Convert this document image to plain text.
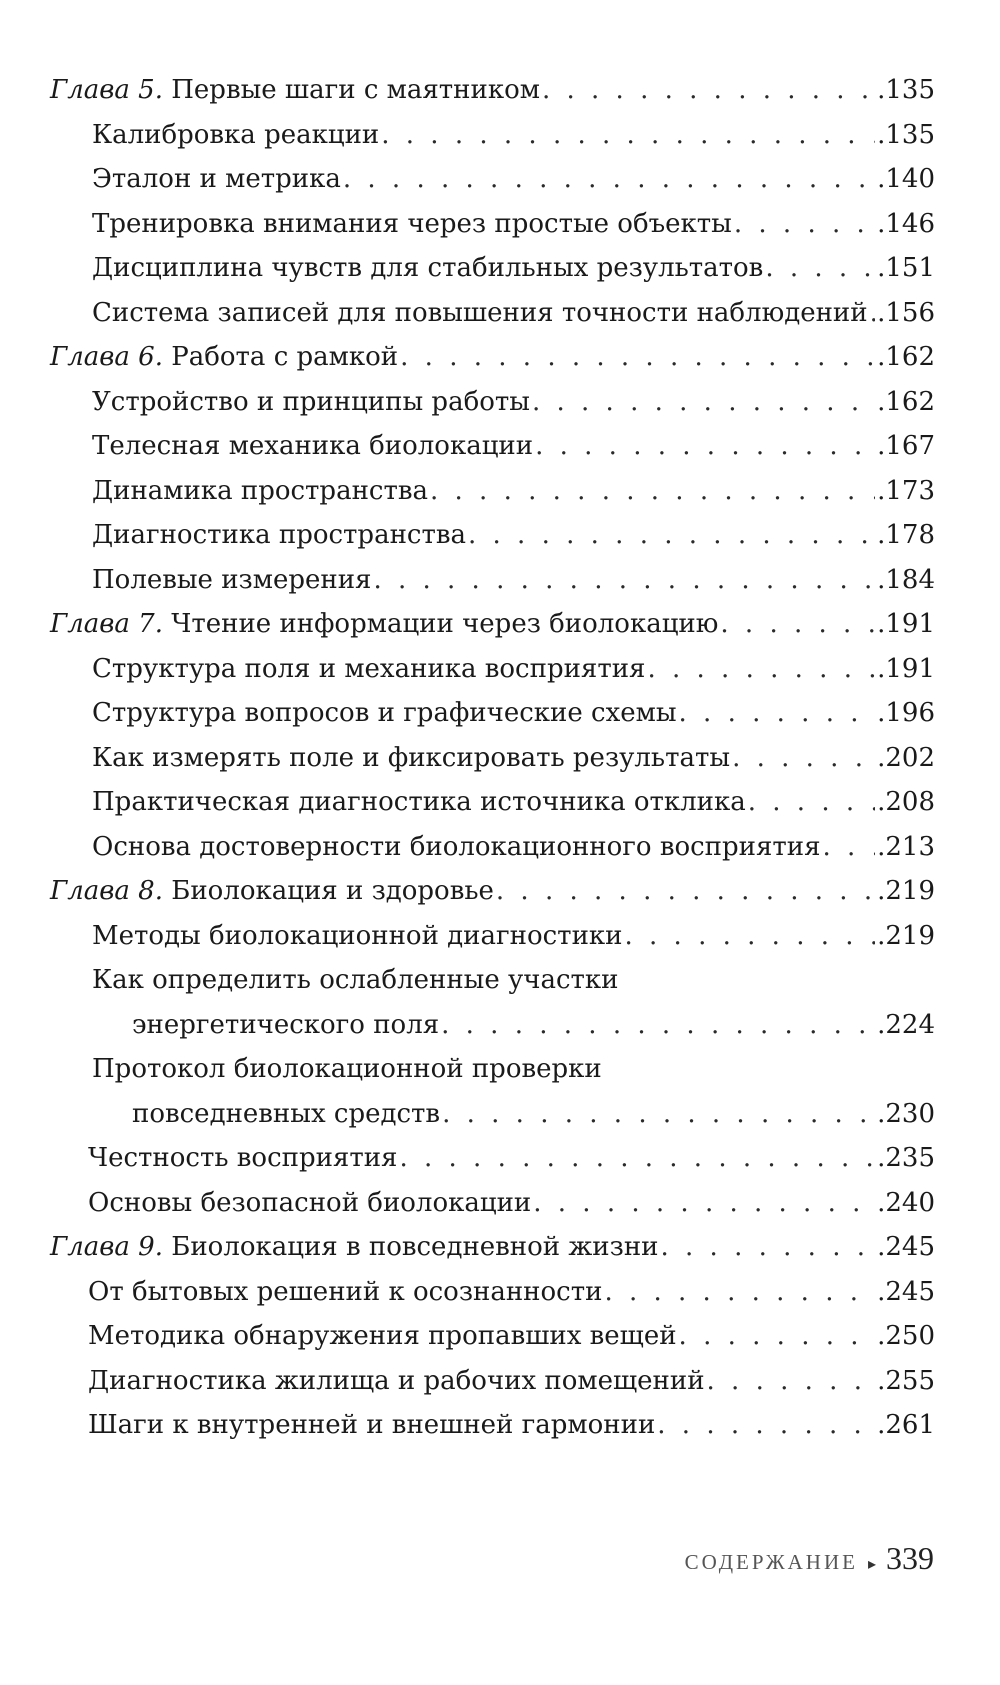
Глава 5. Первые шаги с маятником . . .	. 135
Калибровка реакции . . .	. 135
Эталон и метрика . . .	. 140
Тренировка внимания через простые объекты . . .	. 146
Дисциплина чувств для стабильных результатов . . .	. 151
Система записей для повышения точности наблюдений . . . . 156
Глава 6. Работа с рамкой . . .	. 162
Устройство и принципы работы . . .	. 162
Телесная механика биолокации . . .	. 167
Динамика пространства . . .	. 173
Диагностика пространства . . .	. 178
Полевые измерения . . .	. 184
Глава 7. Чтение информации через биолокацию . . .	. 191
Структура поля и механика восприятия . . .	. 191
Структура вопросов и графические схемы . . .	. 196
Как измерять поле и фиксировать результаты . . .	. 202
Практическая диагностика источника отклика . . .	. 208
Основа достоверности биолокационного восприятия . . .	. 213
Глава 8. Биолокация и здоровье . . .	. 219
Методы биолокационной диагностики . . .	. 219
Как определить ослабленные участки
энергетического поля . . .	. 224
Протокол биолокационной проверки
повседневных средств . . .	. 230
Честность восприятия . . .	. 235
Основы безопасной биолокации . . .	. 240
Глава 9. Биолокация в повседневной жизни . . .	. 245
От бытовых решений к осознанности . . .	. 245
Методика обнаружения пропавших вещей . . .	. 250
Диагностика жилища и рабочих помещений . . .	. 255
Шаги к внутренней и внешней гармонии . . .	. 261
СОДЕРЖАНИЕ ▸ 339
